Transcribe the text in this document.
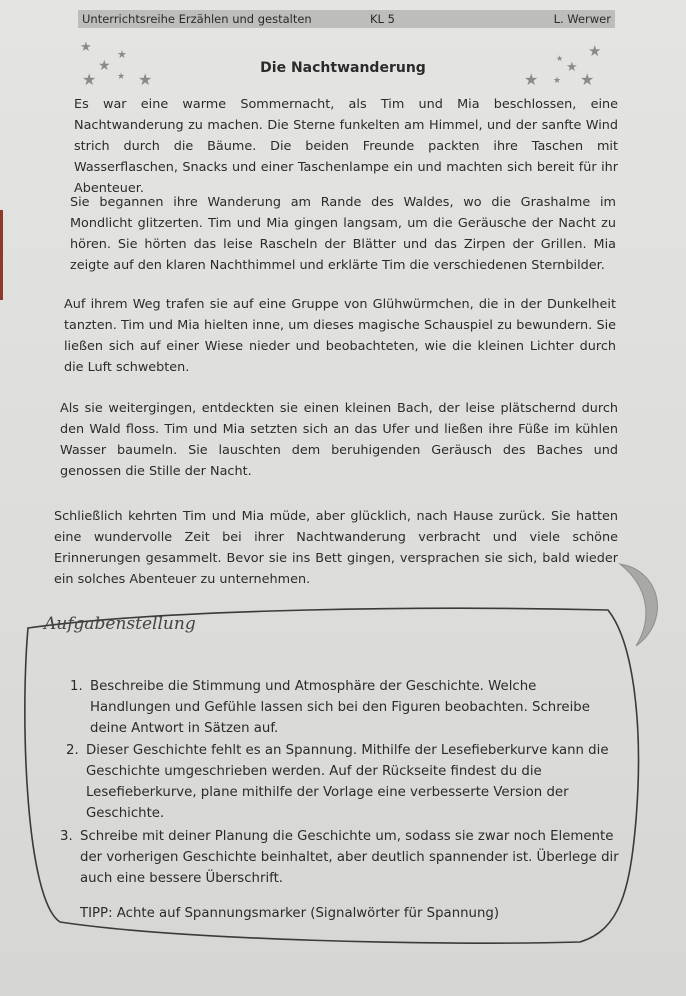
Unterrichtsreihe Erzählen und gestalten	KL 5	L. Werwer
★ ★
★
★ ★ ★
★
★
★
★ ★ ★
Die Nachtwanderung

Es war eine warme Sommernacht, als Tim und Mia beschlossen, eine Nachtwanderung zu machen. Die Sterne funkelten am Himmel, und der sanfte Wind strich durch die Bäume. Die beiden Freunde packten ihre Taschen mit Wasserflaschen, Snacks und einer Taschenlampe ein und machten sich bereit für ihr Abenteuer.

Sie begannen ihre Wanderung am Rande des Waldes, wo die Grashalme im Mondlicht glitzerten. Tim und Mia gingen langsam, um die Geräusche der Nacht zu hören. Sie hörten das leise Rascheln der Blätter und das Zirpen der Grillen. Mia zeigte auf den klaren Nachthimmel und erklärte Tim die verschiedenen Sternbilder.

Auf ihrem Weg trafen sie auf eine Gruppe von Glühwürmchen, die in der Dunkelheit tanzten. Tim und Mia hielten inne, um dieses magische Schauspiel zu bewundern. Sie ließen sich auf einer Wiese nieder und beobachteten, wie die kleinen Lichter durch die Luft schwebten.

Als sie weitergingen, entdeckten sie einen kleinen Bach, der leise plätschernd durch den Wald floss. Tim und Mia setzten sich an das Ufer und ließen ihre Füße im kühlen Wasser baumeln. Sie lauschten dem beruhigenden Geräusch des Baches und genossen die Stille der Nacht.

Schließlich kehrten Tim und Mia müde, aber glücklich, nach Hause zurück. Sie hatten eine wundervolle Zeit bei ihrer Nachtwanderung verbracht und viele schöne Erinnerungen gesammelt. Bevor sie ins Bett gingen, versprachen sie sich, bald wieder ein solches Abenteuer zu unternehmen.

Aufgabenstellung
1. Beschreibe die Stimmung und Atmosphäre der Geschichte. Welche Handlungen und Gefühle lassen sich bei den Figuren beobachten. Schreibe deine Antwort in Sätzen auf.
2. Dieser Geschichte fehlt es an Spannung. Mithilfe der Lesefieberkurve kann die Geschichte umgeschrieben werden. Auf der Rückseite findest du die Lesefieberkurve, plane mithilfe der Vorlage eine verbesserte Version der Geschichte.
3. Schreibe mit deiner Planung die Geschichte um, sodass sie zwar noch Elemente der vorherigen Geschichte beinhaltet, aber deutlich spannender ist. Überlege dir auch eine bessere Überschrift.
TIPP: Achte auf Spannungsmarker (Signalwörter für Spannung)
